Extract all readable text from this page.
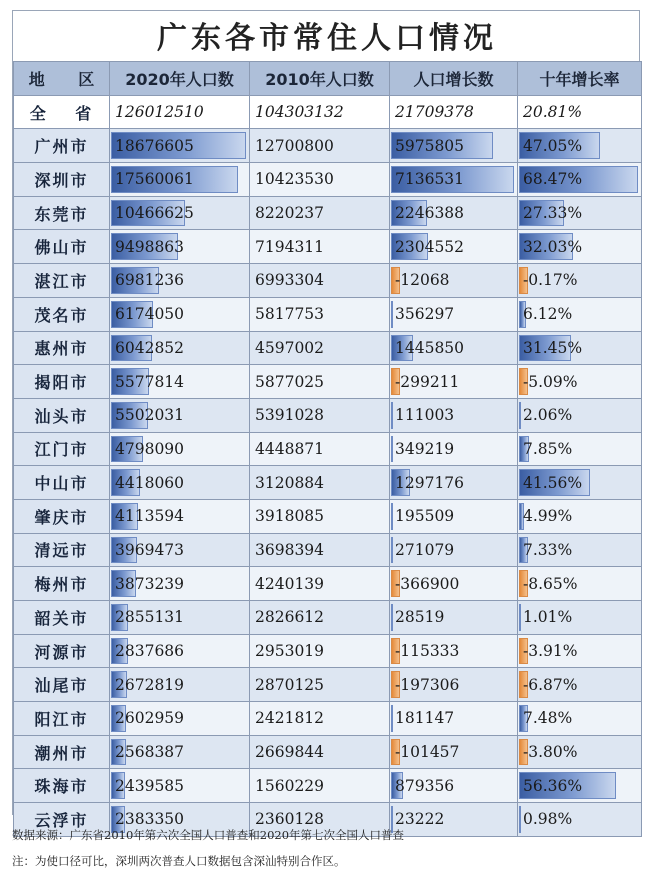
广东各市常住人口情况
地 区	2020年人口数	2010年人口数	人口增长数	十年增长率
全 省	126012510	104303132	21709378	20.81%
广州市	18676605	12700800	5975805	47.05%
深圳市	17560061	10423530	7136531	68.47%
东莞市	10466625	8220237	2246388	27.33%
佛山市	9498863	7194311	2304552	32.03%
湛江市	6981236	6993304	-12068	-0.17%
茂名市	6174050	5817753	356297	6.12%
惠州市	6042852	4597002	1445850	31.45%
揭阳市	5577814	5877025	-299211	-5.09%
汕头市	5502031	5391028	111003	2.06%
江门市	4798090	4448871	349219	7.85%
中山市	4418060	3120884	1297176	41.56%
肇庆市	4113594	3918085	195509	4.99%
清远市	3969473	3698394	271079	7.33%
梅州市	3873239	4240139	-366900	-8.65%
韶关市	2855131	2826612	28519	1.01%
河源市	2837686	2953019	-115333	-3.91%
汕尾市	2672819	2870125	-197306	-6.87%
阳江市	2602959	2421812	181147	7.48%
潮州市	2568387	2669844	-101457	-3.80%
珠海市	2439585	1560229	879356	56.36%
云浮市	2383350	2360128	23222	0.98%
数据来源：广东省2010年第六次全国人口普查和2020年第七次全国人口普查
注：为使口径可比，深圳两次普查人口数据包含深汕特别合作区。
